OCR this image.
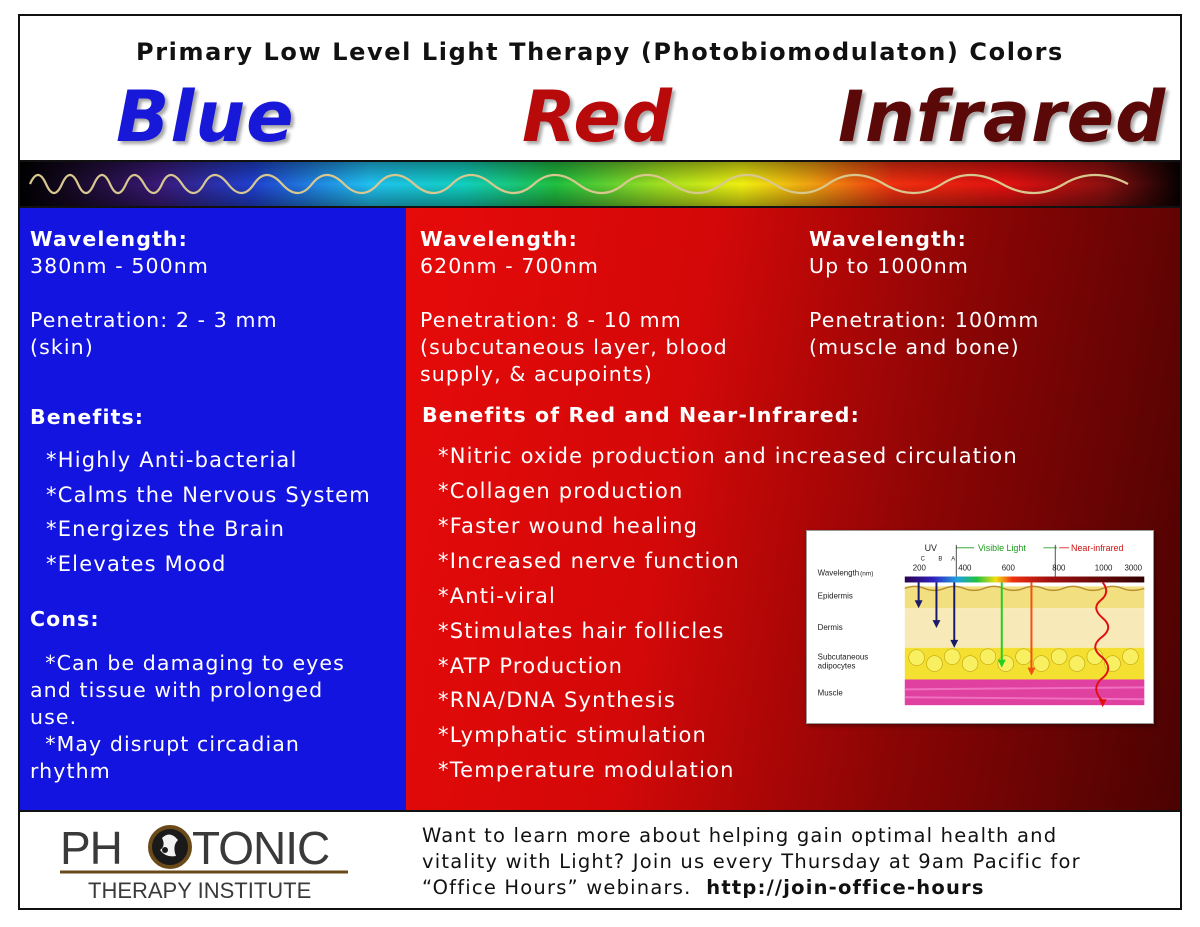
Primary Low Level Light Therapy (Photobiomodulaton) Colors
Blue	Red Infrared
Wavelength:
380nm - 500nm
Penetration: 2 - 3 mm
(skin)
Benefits:
*Highly Anti-bacterial
*Calms the Nervous System
*Energizes the Brain
*Elevates Mood
Cons:
*Can be damaging to eyes
and tissue with prolonged
use.
*May disrupt circadian
rhythm
Wavelength:
620nm - 700nm
Penetration: 8 - 10 mm
(subcutaneous layer, blood
supply, & acupoints)
Wavelength:
Up to 1000nm
Penetration: 100mm
(muscle and bone)
Benefits of Red and Near-Infrared:
*Nitric oxide production and increased circulation
*Collagen production
*Faster wound healing
*Increased nerve function
*Anti-viral
*Stimulates hair follicles
*ATP Production
*RNA/DNA Synthesis
*Lymphatic stimulation
*Temperature modulation
UV	Visible Light	Near-infrared
C B A
Wavelength(nm)
200	400	600	800	1000 3000
Epidermis
Dermis
Subcutaneous
adipocytes
Muscle
PH TONIC
THERAPY INSTITUTE
Want to learn more about helping gain optimal health and
vitality with Light? Join us every Thursday at 9am Pacific for
“Office Hours” webinars.  http://join-office-hours
